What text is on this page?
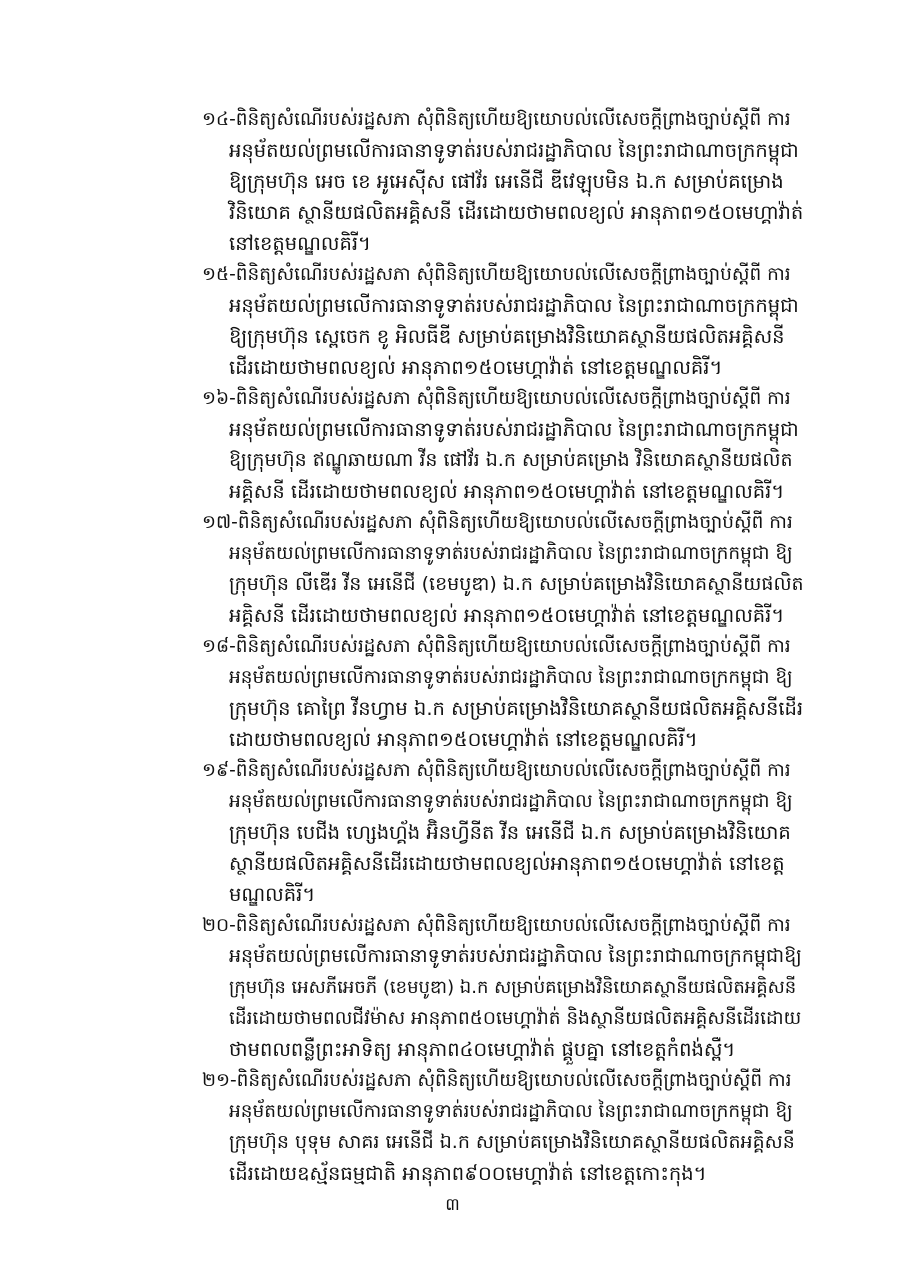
១៤-ពិនិត្យសំណើរបស់រដ្ឋសភា សុំពិនិត្យហើយឱ្យយោបល់លើសេចក្តីព្រាងច្បាប់ស្តីពី ការ
អនុម័តយល់ព្រមលើការធានាទូទាត់របស់រាជរដ្ឋាភិបាល នៃព្រះរាជាណាចក្រកម្ពុជា
ឱ្យក្រុមហ៊ុន អេច ខេ អូអេស៊ីស ផៅវ័រ អេនើជី ឌីវេឡុបមិន ឯ.ក សម្រាប់គម្រោង
វិនិយោគ ស្ថានីយផលិតអគ្គិសនី ដើរដោយថាមពលខ្យល់ អានុភាព១៥០មេហ្គាវ៉ាត់
នៅខេត្តមណ្ឌលគិរី។
១៥-ពិនិត្យសំណើរបស់រដ្ឋសភា សុំពិនិត្យហើយឱ្យយោបល់លើសេចក្តីព្រាងច្បាប់ស្តីពី ការ
អនុម័តយល់ព្រមលើការធានាទូទាត់របស់រាជរដ្ឋាភិបាល នៃព្រះរាជាណាចក្រកម្ពុជា
ឱ្យក្រុមហ៊ុន ស្ពេចេក ខូ អិលធីឌី សម្រាប់គម្រោងវិនិយោគស្ថានីយផលិតអគ្គិសនី
ដើរដោយថាមពលខ្យល់ អានុភាព១៥០មេហ្គាវ៉ាត់ នៅខេត្តមណ្ឌលគិរី។
១៦-ពិនិត្យសំណើរបស់រដ្ឋសភា សុំពិនិត្យហើយឱ្យយោបល់លើសេចក្តីព្រាងច្បាប់ស្តីពី ការ
អនុម័តយល់ព្រមលើការធានាទូទាត់របស់រាជរដ្ឋាភិបាល នៃព្រះរាជាណាចក្រកម្ពុជា
ឱ្យក្រុមហ៊ុន ឥណ្ឌូឆាយណា វីន ផៅវ័រ ឯ.ក សម្រាប់គម្រោង វិនិយោគស្ថានីយផលិត
អគ្គិសនី ដើរដោយថាមពលខ្យល់ អានុភាព១៥០មេហ្គាវ៉ាត់ នៅខេត្តមណ្ឌលគិរី។
១៧-ពិនិត្យសំណើរបស់រដ្ឋសភា សុំពិនិត្យហើយឱ្យយោបល់លើសេចក្តីព្រាងច្បាប់ស្តីពី ការ
អនុម័តយល់ព្រមលើការធានាទូទាត់របស់រាជរដ្ឋាភិបាល នៃព្រះរាជាណាចក្រកម្ពុជា ឱ្យ
ក្រុមហ៊ុន លីឌើរ វីន អេនើជី (ខេមបូឌា) ឯ.ក សម្រាប់គម្រោងវិនិយោគស្ថានីយផលិត
អគ្គិសនី ដើរដោយថាមពលខ្យល់ អានុភាព១៥០មេហ្គាវ៉ាត់ នៅខេត្តមណ្ឌលគិរី។
១៨-ពិនិត្យសំណើរបស់រដ្ឋសភា សុំពិនិត្យហើយឱ្យយោបល់លើសេចក្តីព្រាងច្បាប់ស្តីពី ការ
អនុម័តយល់ព្រមលើការធានាទូទាត់របស់រាជរដ្ឋាភិបាល នៃព្រះរាជាណាចក្រកម្ពុជា ឱ្យ
ក្រុមហ៊ុន គោព្រៃ វីនហ្វាម ឯ.ក សម្រាប់គម្រោងវិនិយោគស្ថានីយផលិតអគ្គិសនីដើរ
ដោយថាមពលខ្យល់ អានុភាព១៥០មេហ្គាវ៉ាត់ នៅខេត្តមណ្ឌលគិរី។
១៩-ពិនិត្យសំណើរបស់រដ្ឋសភា សុំពិនិត្យហើយឱ្យយោបល់លើសេចក្តីព្រាងច្បាប់ស្តីពី ការ
អនុម័តយល់ព្រមលើការធានាទូទាត់របស់រាជរដ្ឋាភិបាល នៃព្រះរាជាណាចក្រកម្ពុជា ឱ្យ
ក្រុមហ៊ុន បេជីង ហ្សេងហ្គ័ង អ៊ិនហ្វីនីត វីន អេនើជី ឯ.ក សម្រាប់គម្រោងវិនិយោគ
ស្ថានីយផលិតអគ្គិសនីដើរដោយថាមពលខ្យល់អានុភាព១៥០មេហ្គាវ៉ាត់ នៅខេត្ត
មណ្ឌលគិរី។
២០-ពិនិត្យសំណើរបស់រដ្ឋសភា សុំពិនិត្យហើយឱ្យយោបល់លើសេចក្តីព្រាងច្បាប់ស្តីពី ការ
អនុម័តយល់ព្រមលើការធានាទូទាត់របស់រាជរដ្ឋាភិបាល នៃព្រះរាជាណាចក្រកម្ពុជាឱ្យ
ក្រុមហ៊ុន អេសភីអេចភី (ខេមបូឌា) ឯ.ក សម្រាប់គម្រោងវិនិយោគស្ថានីយផលិតអគ្គិសនី
ដើរដោយថាមពលជីវម៉ាស អានុភាព៥០មេហ្គាវ៉ាត់ និងស្ថានីយផលិតអគ្គិសនីដើរដោយ
ថាមពលពន្លឺព្រះអាទិត្យ អានុភាព៤០មេហ្គាវ៉ាត់ ផ្គួបគ្នា នៅខេត្តកំពង់ស្ពឺ។
២១-ពិនិត្យសំណើរបស់រដ្ឋសភា សុំពិនិត្យហើយឱ្យយោបល់លើសេចក្តីព្រាងច្បាប់ស្តីពី ការ
អនុម័តយល់ព្រមលើការធានាទូទាត់របស់រាជរដ្ឋាភិបាល នៃព្រះរាជាណាចក្រកម្ពុជា ឱ្យ
ក្រុមហ៊ុន បុទុម សាគរ អេនើជី ឯ.ក សម្រាប់គម្រោងវិនិយោគស្ថានីយផលិតអគ្គិសនី
ដើរដោយឧស្ម័នធម្មជាតិ អានុភាព៩០០មេហ្គាវ៉ាត់ នៅខេត្តកោះកុង។
៣
